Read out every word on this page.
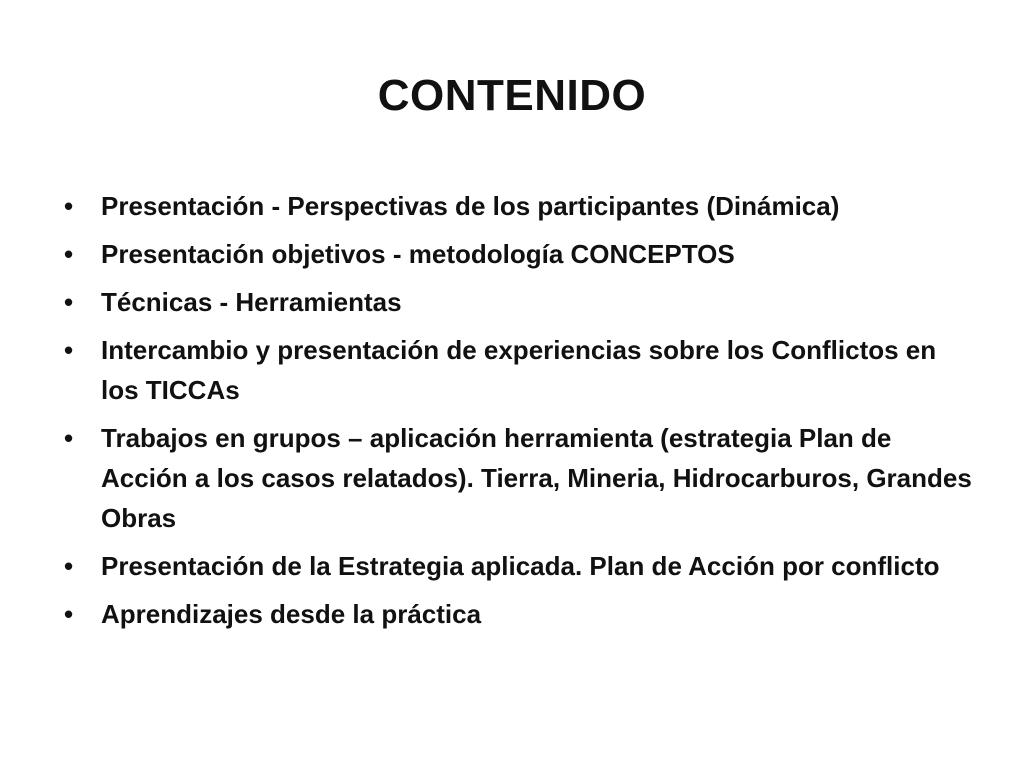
CONTENIDO
•	Presentación - Perspectivas de los participantes (Dinámica)
•	Presentación objetivos - metodología CONCEPTOS
•	Técnicas - Herramientas
•	Intercambio y presentación de experiencias sobre los Conflictos en los TICCAs
•	Trabajos en grupos – aplicación herramienta (estrategia Plan de Acción a los casos relatados). Tierra, Mineria, Hidrocarburos, Grandes Obras
•	Presentación de la Estrategia aplicada. Plan de Acción por conflicto
•	Aprendizajes desde la práctica
